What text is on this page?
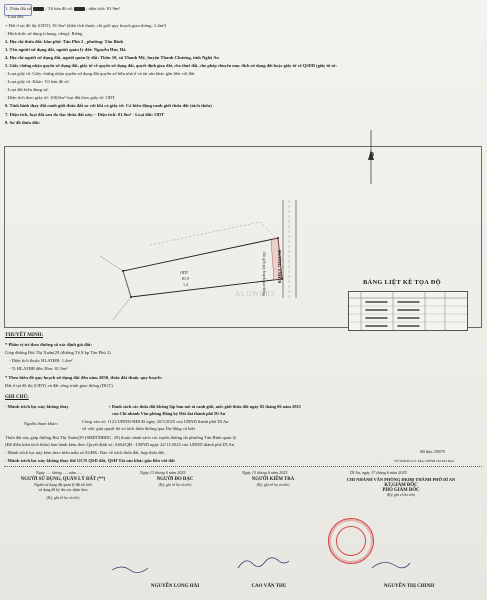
1. Thửa đất số:	; Tờ bản đồ số:	; diện tích: 81.9m²
- Loại đất:
+ Đất ở tại đô thị (ODT): 81.9m² (diện tích thuộc chỉ giới quy hoạch giao thông: 1.4m²)
- Hình thức sử dụng (chung, riêng): Riêng
2. Địa chỉ thửa đất: khu phố: Tân Phú 2 , phường: Tân Bình
3. Tên người sử dụng đất, người quản lý đất: Nguyễn Huy Hà
4. Địa chỉ người sử dụng đất, người quản lý đất: Thôn 10, xã Thanh Mỹ, huyện Thanh Chương, tỉnh Nghệ An
5. Giấy chứng nhận quyền sử dụng đất, giấy tờ về quyền sử dụng đất, quyết định giao đất, cho thuê đất, cho phép chuyển mục đích sử dụng đất hoặc giấy tờ về QSDĐ (giấy tờ số:
- Loại giấy tờ: Giấy chứng nhận quyền sử dụng đất quyền sở hữu nhà ở và tài sản khác gắn liền với đất
- Loại giấy tờ: Khác: Tờ bản đồ số:
- Loại đất hiện đang sử:
- Diện tích theo giấy tờ: 108,0m² loại đất theo giấy tờ: ODT
6. Tình hình thay đổi ranh giới thửa đất so với khi có giấy tờ: Có biến động ranh giới thửa đất (tách thửa)
7. Diện tích, loại đất sau đo đạc thửa đất này: - Diện tích: 81.9m² - Loại đất: ODT
8. Sơ đồ thửa đất:
ĐƯỜNG TNH29
Chỉ giới quy hoạch giao thông
B
ALOWARS
ODT
81.9
1.4	BẢNG LIỆT KÊ TỌA ĐỘ
THUYẾT MINH:
* Phần vị trí theo đường số xác định giá đất:
Giáp đường Bùi Thị Xuân(29 (đường Tổ 8 kp Tân Phú 2)
- Diện tích thuộc HLATĐB: 1.4m²
- Tỉ HLATĐB đến 30m: 81.9m²
* Theo biên đồ quy hoạch sử dụng đất đến năm 2030, thửa đất thuộc quy hoạch:
Đất ở tại đô thị (ODT) và đất công trình giao thông (DGT)
GHI CHÚ:
- Mảnh trích lục này không thay	+ Danh sách các thửa đất không lập bản mô tả ranh giới, mốc giới thửa đất ngày 02 tháng 06 năm 2025
của Chi nhánh Văn phòng Đăng ký Đất đai thành phố Dĩ An
Nguồn tham khảo:	Công văn số: 1121/UBND-HĐCĐ ngày 20/5/2025 của UBND thành phố Dĩ An
về việc giải quyết hồ sơ tách thửa đường qua Dự động cá biệt.
Thửa đất này giáp đường Bùi Thị Xuân(29 (SĐĐTĐĐDC: 29) thuộc danh sách các tuyến đường do phường Tân Bình quản lý
(Đã điều kiện tách thửa) ban hành kèm theo Quyết định số: 5464/QĐ - UBND ngày 22/11/2023 của UBND thành phố Dĩ An
- Mảnh trích lục này kèm theo biểu mẫu số 02/ĐK: Bảo về trích thửa đất, hợp thửa đất.
- Mảnh trích lục này không thay thế GCN QSD đất, QSH Tài sản khác gắn liền với đất
Mã hiệu: 239078
TỜ TRÍCH LỤC ĐỊA CHÍNH DO ĐO ĐẠC
Ngày ..... tháng ..... năm .....	Ngày 13 tháng 6 năm 2025	Ngày 13 tháng 6 năm 2025	Dĩ An, ngày 17 tháng 6 năm 2025
NGƯỜI SỬ DỤNG, QUẢN LÝ ĐẤT (**)
Người sử dụng đất quản lý đất tôi biết
sử dụng đã ký tên xác nhận theo
(Ký, ghi rõ họ và tên)
NGƯỜI ĐO ĐẠC
(Ký, ghi rõ họ và tên)
NGƯỜI KIỂM TRA
(Ký, ghi rõ họ và tên)
CHI NHÁNH VĂN PHÒNG ĐKĐĐ THÀNH PHỐ DĨ AN
KT.GIÁM ĐỐC
PHÓ GIÁM ĐỐC
(Ký, ghi rõ họ tên)
NGUYỄN LONG HẢI	CAO VĂN THU	NGUYỄN THỊ CHINH
